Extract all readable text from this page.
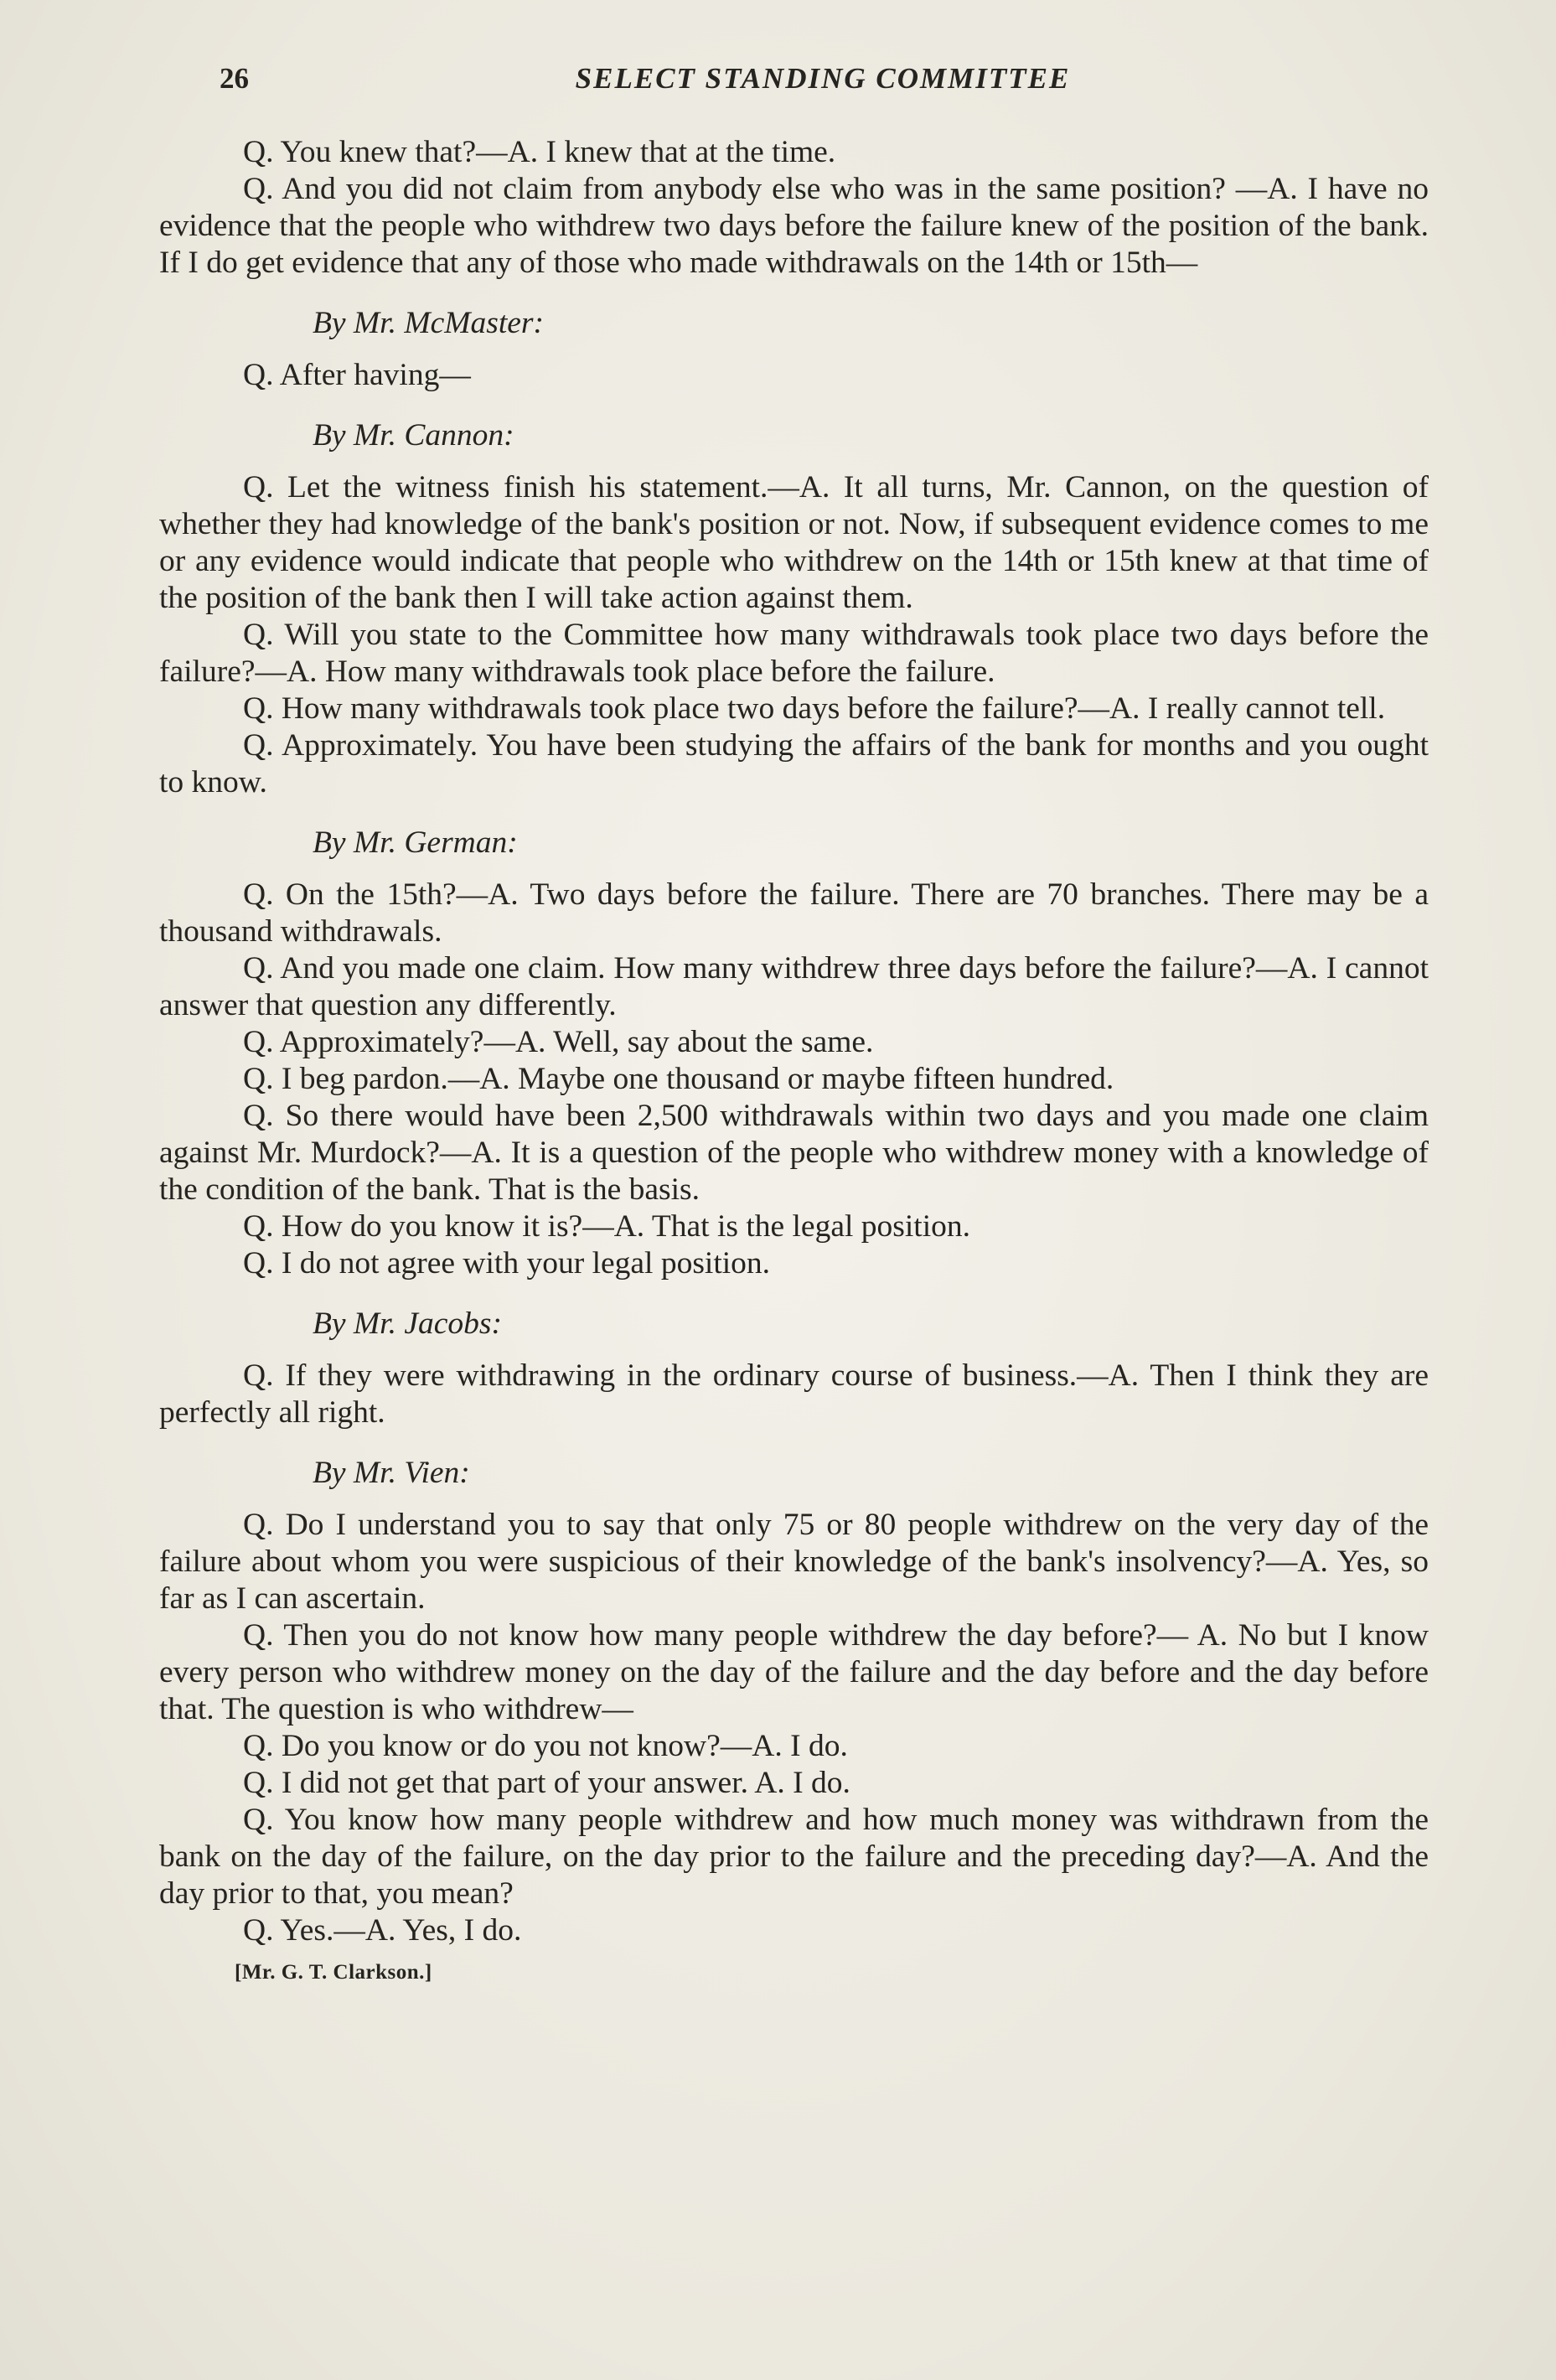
26	SELECT STANDING COMMITTEE

Q. You knew that?—A. I knew that at the time.

Q. And you did not claim from anybody else who was in the same position? —A. I have no evidence that the people who withdrew two days before the failure knew of the position of the bank. If I do get evidence that any of those who made withdrawals on the 14th or 15th—

By Mr. McMaster:

Q. After having—

By Mr. Cannon:

Q. Let the witness finish his statement.—A. It all turns, Mr. Cannon, on the question of whether they had knowledge of the bank's position or not. Now, if subsequent evidence comes to me or any evidence would indicate that people who withdrew on the 14th or 15th knew at that time of the position of the bank then I will take action against them.

Q. Will you state to the Committee how many withdrawals took place two days before the failure?—A. How many withdrawals took place before the failure.

Q. How many withdrawals took place two days before the failure?—A. I really cannot tell.

Q. Approximately. You have been studying the affairs of the bank for months and you ought to know.

By Mr. German:

Q. On the 15th?—A. Two days before the failure. There are 70 branches. There may be a thousand withdrawals.

Q. And you made one claim. How many withdrew three days before the failure?—A. I cannot answer that question any differently.

Q. Approximately?—A. Well, say about the same.

Q. I beg pardon.—A. Maybe one thousand or maybe fifteen hundred.

Q. So there would have been 2,500 withdrawals within two days and you made one claim against Mr. Murdock?—A. It is a question of the people who withdrew money with a knowledge of the condition of the bank. That is the basis.

Q. How do you know it is?—A. That is the legal position.

Q. I do not agree with your legal position.

By Mr. Jacobs:

Q. If they were withdrawing in the ordinary course of business.—A. Then I think they are perfectly all right.

By Mr. Vien:

Q. Do I understand you to say that only 75 or 80 people withdrew on the very day of the failure about whom you were suspicious of their knowledge of the bank's insolvency?—A. Yes, so far as I can ascertain.

Q. Then you do not know how many people withdrew the day before?— A. No but I know every person who withdrew money on the day of the failure and the day before and the day before that. The question is who withdrew—

Q. Do you know or do you not know?—A. I do.

Q. I did not get that part of your answer. A. I do.

Q. You know how many people withdrew and how much money was withdrawn from the bank on the day of the failure, on the day prior to the failure and the preceding day?—A. And the day prior to that, you mean?

Q. Yes.—A. Yes, I do.

[Mr. G. T. Clarkson.]
